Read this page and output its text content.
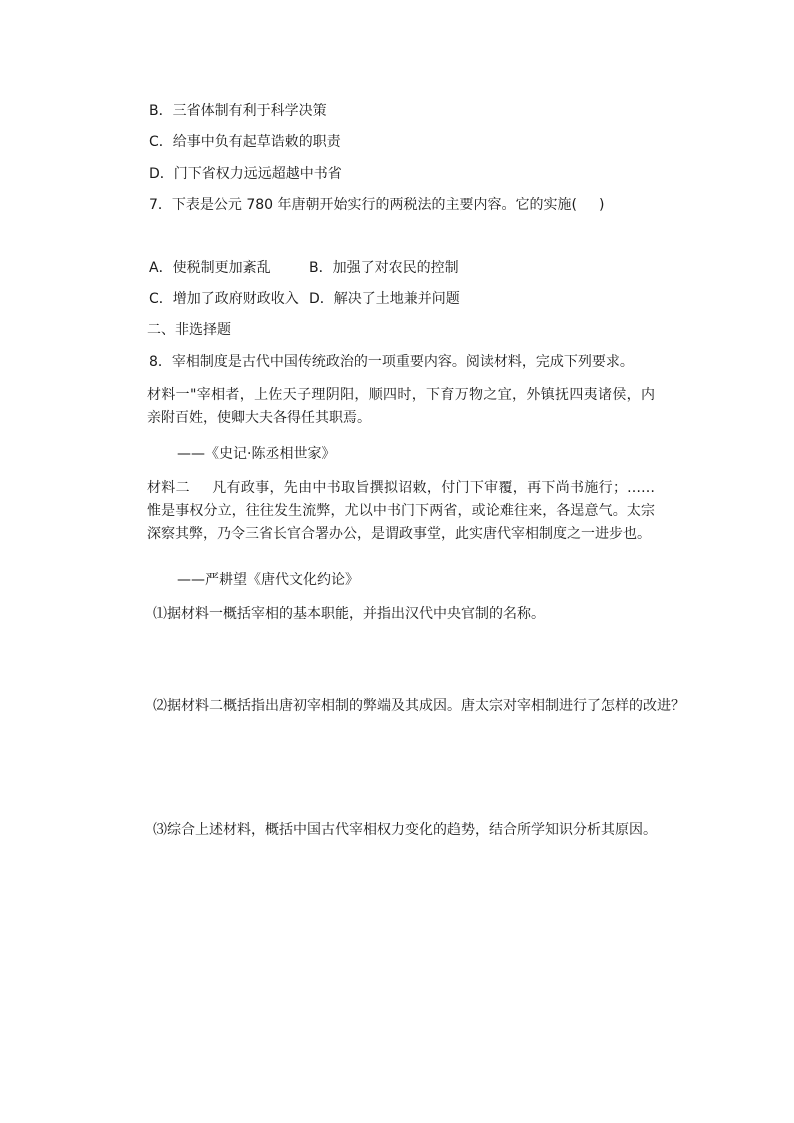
B．三省体制有利于科学决策
C．给事中负有起草诰敕的职责
D．门下省权力远远超越中书省
7．下表是公元 780 年唐朝开始实行的两税法的主要内容。它的实施( )
A．使税制更加紊乱	B．加强了对农民的控制
C．增加了政府财政收入 D．解决了土地兼并问题
二、非选择题
8．宰相制度是古代中国传统政治的一项重要内容。阅读材料，完成下列要求。
材料一"宰相者，上佐天子理阴阳，顺四时，下育万物之宜，外镇抚四夷诸侯，内亲附百姓，使卿大夫各得任其职焉。
——《史记·陈丞相世家》
材料二 凡有政事，先由中书取旨撰拟诏敕，付门下审覆，再下尚书施行；……惟是事权分立，往往发生流弊，尤以中书门下两省，或论难往来，各逞意气。太宗深察其弊，乃令三省长官合署办公，是谓政事堂，此实唐代宰相制度之一进步也。
——严耕望《唐代文化约论》
⑴据材料一概括宰相的基本职能，并指出汉代中央官制的名称。
⑵据材料二概括指出唐初宰相制的弊端及其成因。唐太宗对宰相制进行了怎样的改进？
⑶综合上述材料，概括中国古代宰相权力变化的趋势，结合所学知识分析其原因。
